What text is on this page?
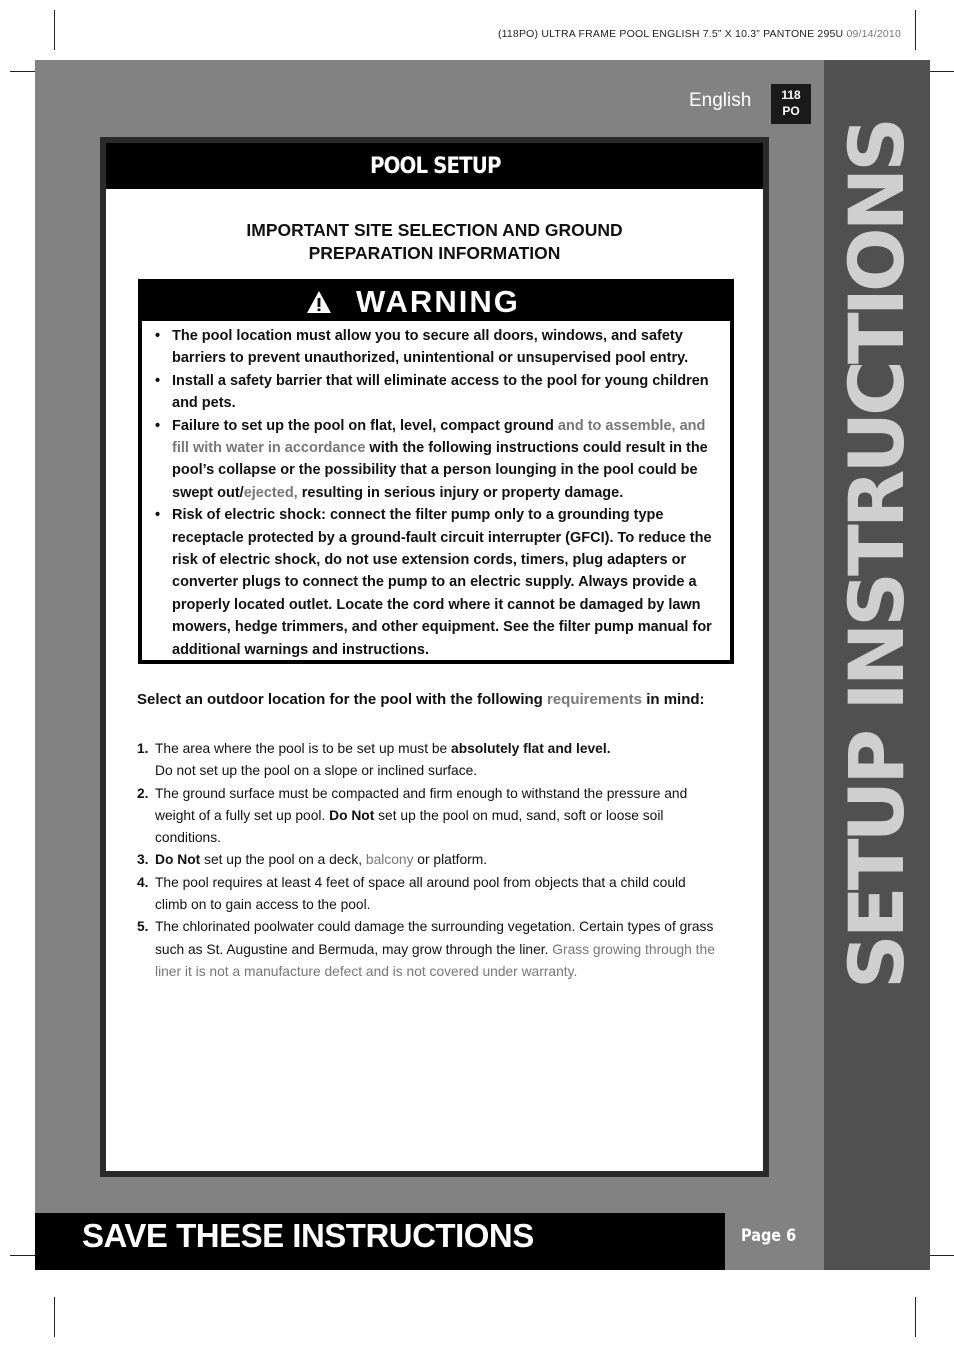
(118PO) ULTRA FRAME POOL ENGLISH 7.5” X 10.3” PANTONE 295U 09/14/2010
SETUP INSTRUCTIONS
English	118
PO
POOL SETUP
IMPORTANT SITE SELECTION AND GROUND
PREPARATION INFORMATION
WARNING
• The pool location must allow you to secure all doors, windows, and safety barriers to prevent unauthorized, unintentional or unsupervised pool entry.
• Install a safety barrier that will eliminate access to the pool for young children and pets.
• Failure to set up the pool on flat, level, compact ground and to assemble, and fill with water in accordance with the following instructions could result in the pool’s collapse or the possibility that a person lounging in the pool could be swept out/ejected, resulting in serious injury or property damage.
• Risk of electric shock: connect the filter pump only to a grounding type receptacle protected by a ground-fault circuit interrupter (GFCI). To reduce the risk of electric shock, do not use extension cords, timers, plug adapters or converter plugs to connect the pump to an electric supply. Always provide a properly located outlet. Locate the cord where it cannot be damaged by lawn mowers, hedge trimmers, and other equipment. See the filter pump manual for additional warnings and instructions.
Select an outdoor location for the pool with the following requirements in mind:
1. The area where the pool is to be set up must be absolutely flat and level.
Do not set up the pool on a slope or inclined surface.
2. The ground surface must be compacted and firm enough to withstand the pressure and weight of a fully set up pool. Do Not set up the pool on mud, sand, soft or loose soil conditions.
3. Do Not set up the pool on a deck, balcony or platform.
4. The pool requires at least 4 feet of space all around pool from objects that a child could climb on to gain access to the pool.
5. The chlorinated poolwater could damage the surrounding vegetation. Certain types of grass such as St. Augustine and Bermuda, may grow through the liner. Grass growing through the liner it is not a manufacture defect and is not covered under warranty.
SAVE THESE INSTRUCTIONS	Page 6
